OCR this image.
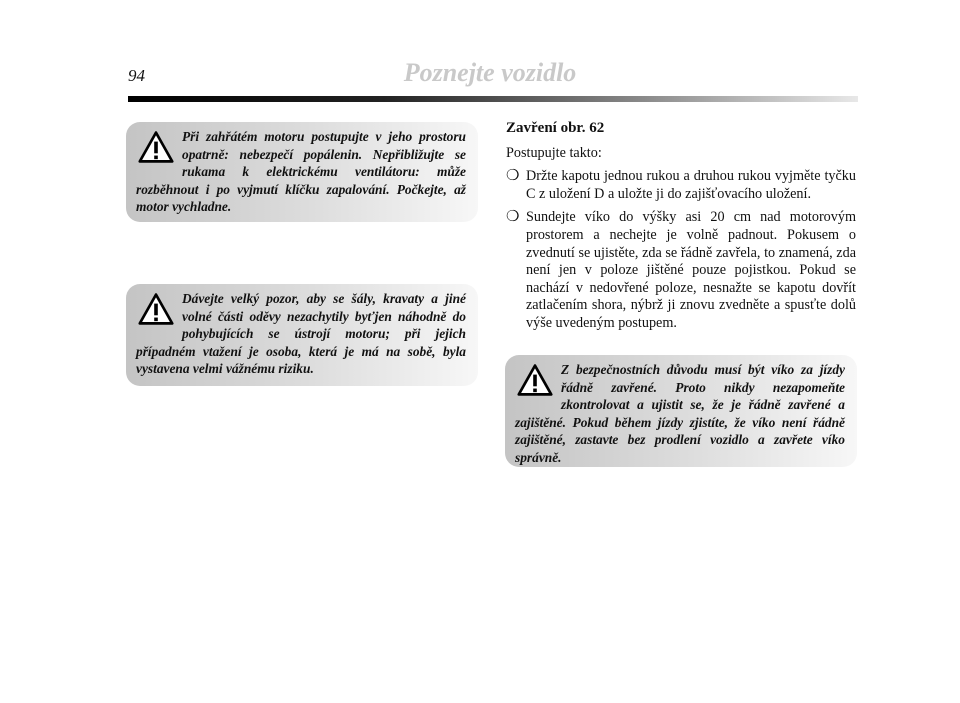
94	Poznejte vozidlo
Při zahřátém motoru postupujte v jeho prostoru opatrně: nebezpečí popálenin. Nepřibližujte se rukama k elektrickému ventilátoru: může rozběhnout i po vyjmutí klíčku zapalování. Počkejte, až motor vychladne.
Dávejte velký pozor, aby se šály, kravaty a jiné volné části oděvy nezachytily byťjen náhodně do pohybujících se ústrojí motoru; při jejich případném vtažení je osoba, která je má na sobě, byla vystavena velmi vážnému riziku.
Zavření obr. 62
Postupujte takto:
❍ Držte kapotu jednou rukou a druhou rukou vyjměte tyčku C z uložení D a uložte ji do zajišťovacího uložení.
❍ Sundejte víko do výšky asi 20 cm nad motorovým prostorem a nechejte je volně padnout. Pokusem o zvednutí se ujistěte, zda se řádně zavřela, to znamená, zda není jen v poloze jištěné pouze pojistkou. Pokud se nachází v nedovřené poloze, nesnažte se kapotu dovřít zatlačením shora, nýbrž ji znovu zvedněte a spusťte dolů výše uvedeným postupem.
Z bezpečnostních důvodu musí být víko za jízdy řádně zavřené. Proto nikdy nezapomeňte zkontrolovat a ujistit se, že je řádně zavřené a zajištěné. Pokud během jízdy zjistíte, že víko není řádně zajištěné, zastavte bez prodlení vozidlo a zavřete víko správně.
